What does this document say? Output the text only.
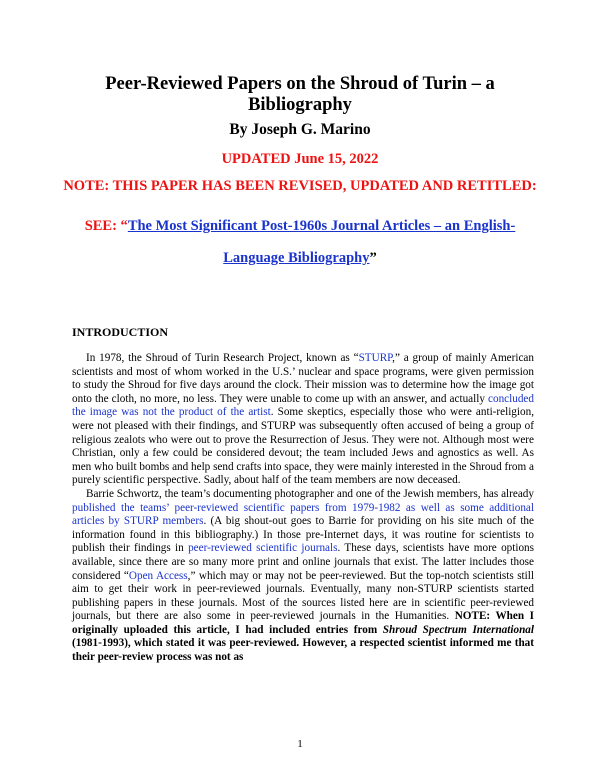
Peer-Reviewed Papers on the Shroud of Turin – a Bibliography
By Joseph G. Marino
UPDATED June 15, 2022
NOTE: THIS PAPER HAS BEEN REVISED, UPDATED AND RETITLED:
SEE: “The Most Significant Post-1960s Journal Articles – an English-Language Bibliography”
INTRODUCTION

In 1978, the Shroud of Turin Research Project, known as “STURP,” a group of mainly American scientists and most of whom worked in the U.S.’ nuclear and space programs, were given permission to study the Shroud for five days around the clock. Their mission was to determine how the image got onto the cloth, no more, no less. They were unable to come up with an answer, and actually concluded the image was not the product of the artist. Some skeptics, especially those who were anti-religion, were not pleased with their findings, and STURP was subsequently often accused of being a group of religious zealots who were out to prove the Resurrection of Jesus. They were not. Although most were Christian, only a few could be considered devout; the team included Jews and agnostics as well. As men who built bombs and help send crafts into space, they were mainly interested in the Shroud from a purely scientific perspective. Sadly, about half of the team members are now deceased.

Barrie Schwortz, the team’s documenting photographer and one of the Jewish members, has already published the teams’ peer-reviewed scientific papers from 1979-1982 as well as some additional articles by STURP members. (A big shout-out goes to Barrie for providing on his site much of the information found in this bibliography.) In those pre-Internet days, it was routine for scientists to publish their findings in peer-reviewed scientific journals. These days, scientists have more options available, since there are so many more print and online journals that exist. The latter includes those considered “Open Access,” which may or may not be peer-reviewed. But the top-notch scientists still aim to get their work in peer-reviewed journals. Eventually, many non-STURP scientists started publishing papers in these journals. Most of the sources listed here are in scientific peer-reviewed journals, but there are also some in peer-reviewed journals in the Humanities. NOTE: When I originally uploaded this article, I had included entries from Shroud Spectrum International (1981-1993), which stated it was peer-reviewed. However, a respected scientist informed me that their peer-review process was not as

1
